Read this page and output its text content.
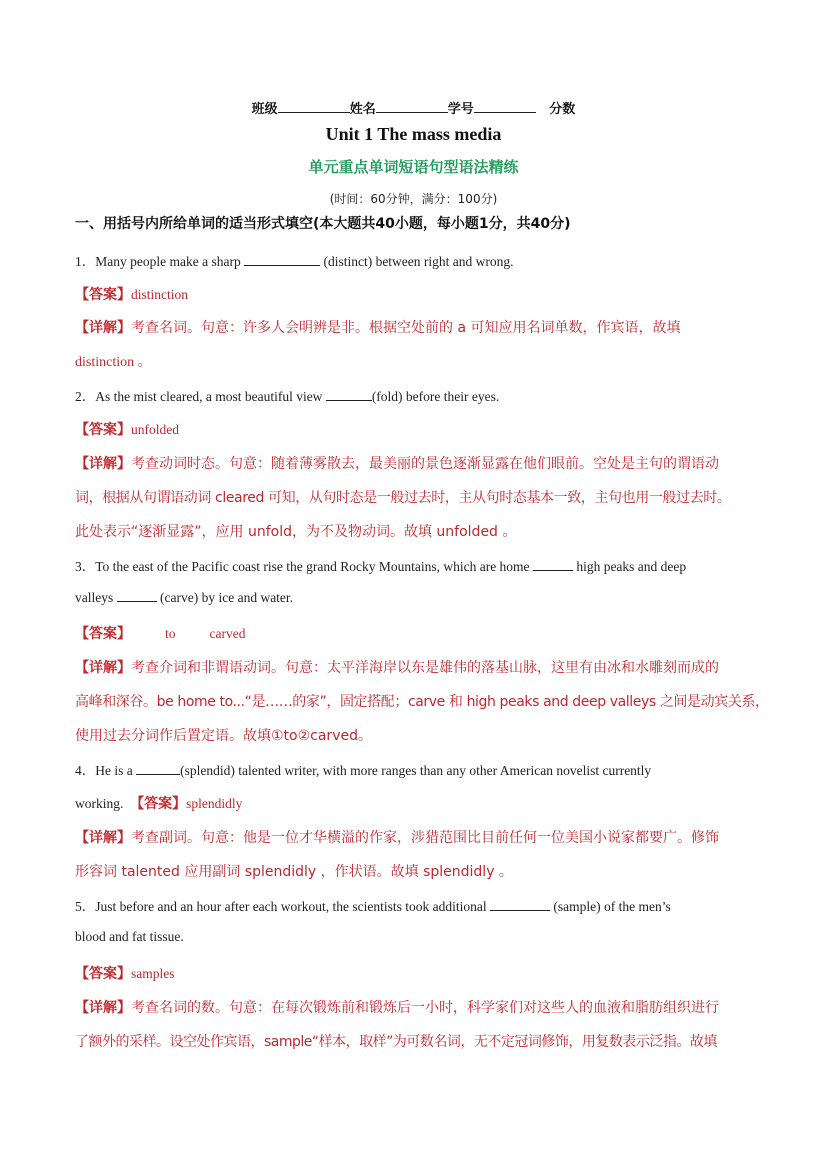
班级	姓名	学号	分数
Unit 1 The mass media
单元重点单词短语句型语法精练
(时间：60分钟，满分：100分)
一、用括号内所给单词的适当形式填空(本大题共40小题，每小题1分，共40分)
1．Many people make a sharp	(distinct) between right and wrong.
【答案】distinction
【详解】考查名词。句意：许多人会明辨是非。根据空处前的 a 可知应用名词单数，作宾语，故填
distinction 。
2．As the mist cleared, a most beautiful view	(fold) before their eyes.
【答案】unfolded
【详解】考查动词时态。句意：随着薄雾散去，最美丽的景色逐渐显露在他们眼前。空处是主句的谓语动
词，根据从句谓语动词 cleared 可知，从句时态是一般过去时，主从句时态基本一致，主句也用一般过去时。
此处表示“逐渐显露”，应用 unfold，为不及物动词。故填 unfolded 。
3．To the east of the Pacific coast rise the grand Rocky Mountains, which are home	high peaks and deep
valleys	(carve) by ice and water.
【答案】	to	carved
【详解】考查介词和非谓语动词。句意：太平洋海岸以东是雄伟的落基山脉，这里有由冰和水雕刻而成的
高峰和深谷。be home to...“是……的家”，固定搭配；carve 和 high peaks and deep valleys 之间是动宾关系，
使用过去分词作后置定语。故填①to②carved。
4．He is a	(splendid) talented writer, with more ranges than any other American novelist currently
working. 【答案】splendidly
【详解】考查副词。句意：他是一位才华横溢的作家，涉猎范围比目前任何一位美国小说家都要广。修饰
形容词 talented 应用副词 splendidly ，作状语。故填 splendidly 。
5．Just before and an hour after each workout, the scientists took additional	(sample) of the men’s
blood and fat tissue.
【答案】samples
【详解】考查名词的数。句意：在每次锻炼前和锻炼后一小时，科学家们对这些人的血液和脂肪组织进行
了额外的采样。设空处作宾语，sample“样本，取样”为可数名词，无不定冠词修饰，用复数表示泛指。故填
